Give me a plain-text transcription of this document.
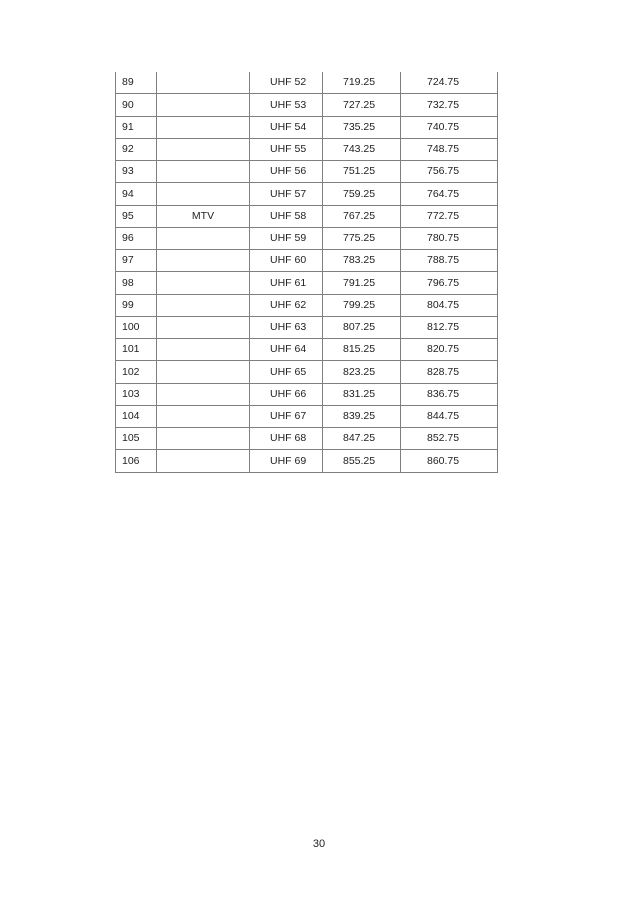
89		UHF 52	719.25	724.75
90		UHF 53	727.25	732.75
91		UHF 54	735.25	740.75
92		UHF 55	743.25	748.75
93		UHF 56	751.25	756.75
94		UHF 57	759.25	764.75
95	MTV	UHF 58	767.25	772.75
96		UHF 59	775.25	780.75
97		UHF 60	783.25	788.75
98		UHF 61	791.25	796.75
99		UHF 62	799.25	804.75
100		UHF 63	807.25	812.75
101		UHF 64	815.25	820.75
102		UHF 65	823.25	828.75
103		UHF 66	831.25	836.75
104		UHF 67	839.25	844.75
105		UHF 68	847.25	852.75
106		UHF 69	855.25	860.75
30
